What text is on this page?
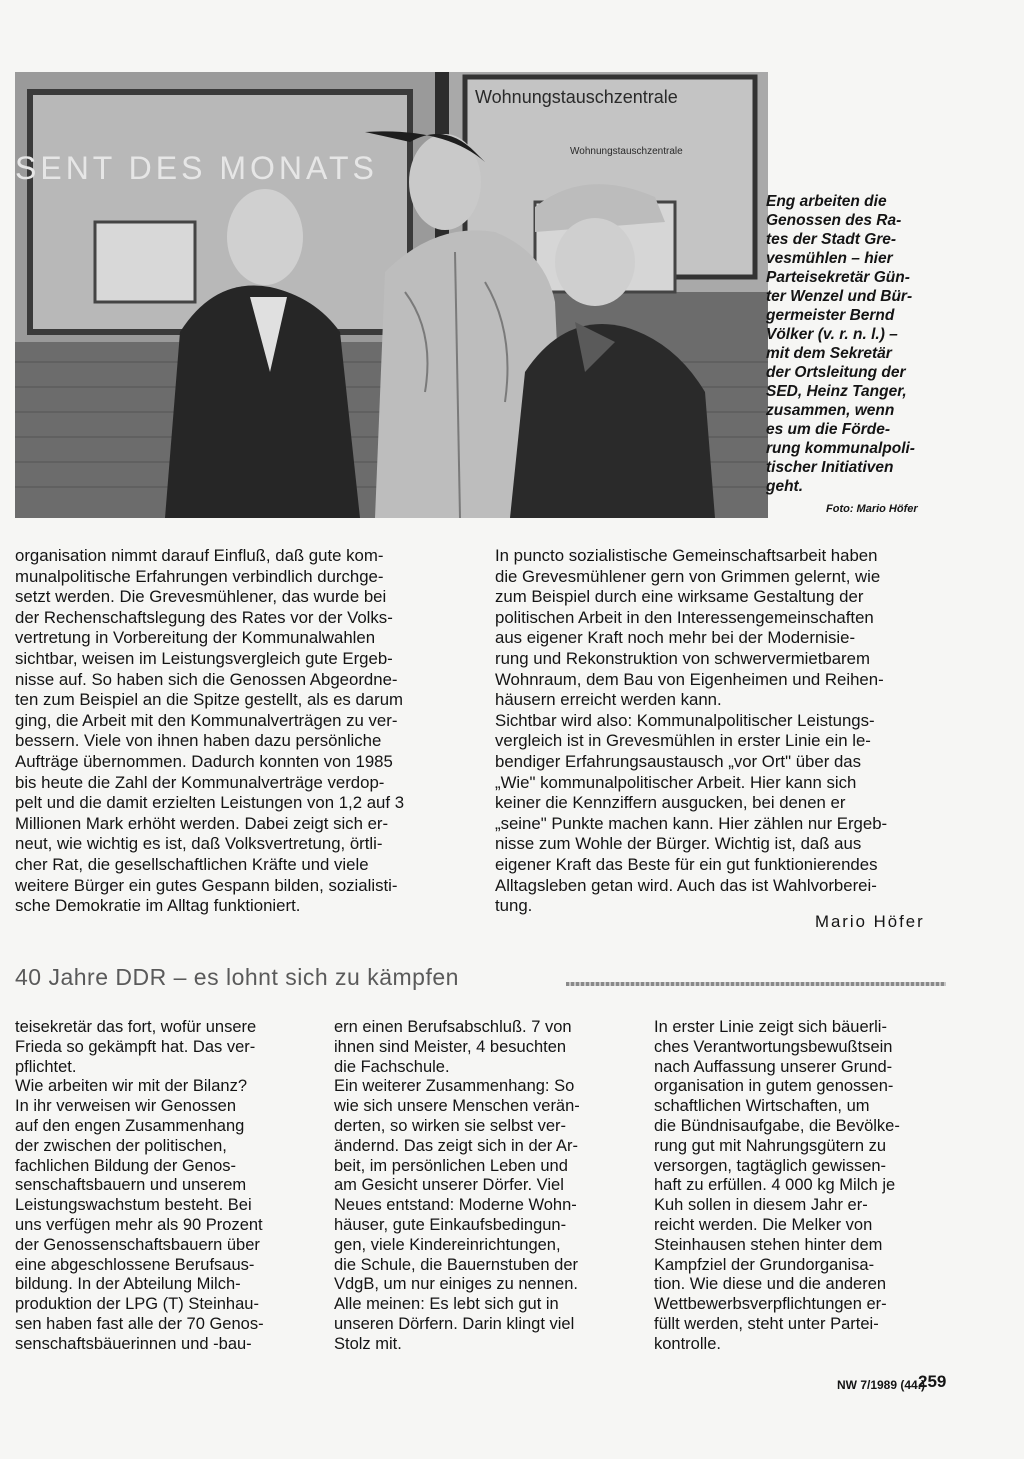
Wohnungstauschzentrale
Wohnungstauschzentrale
SENT DES MONATS
Eng arbeiten die
Genossen des Ra-
tes der Stadt Gre-
vesmühlen – hier
Parteisekretär Gün-
ter Wenzel und Bür-
germeister Bernd
Völker (v. r. n. l.) –
mit dem Sekretär
der Ortsleitung der
SED, Heinz Tanger,
zusammen, wenn
es um die Förde-
rung kommunalpoli-
tischer Initiativen
geht.
Foto: Mario Höfer
organisation nimmt darauf Einfluß, daß gute kom-
munalpolitische Erfahrungen verbindlich durchge-
setzt werden. Die Grevesmühlener, das wurde bei
der Rechenschaftslegung des Rates vor der Volks-
vertretung in Vorbereitung der Kommunalwahlen
sichtbar, weisen im Leistungsvergleich gute Ergeb-
nisse auf. So haben sich die Genossen Abgeordne-
ten zum Beispiel an die Spitze gestellt, als es darum
ging, die Arbeit mit den Kommunalverträgen zu ver-
bessern. Viele von ihnen haben dazu persönliche
Aufträge übernommen. Dadurch konnten von 1985
bis heute die Zahl der Kommunalverträge verdop-
pelt und die damit erzielten Leistungen von 1,2 auf 3
Millionen Mark erhöht werden. Dabei zeigt sich er-
neut, wie wichtig es ist, daß Volksvertretung, örtli-
cher Rat, die gesellschaftlichen Kräfte und viele
weitere Bürger ein gutes Gespann bilden, sozialisti-
sche Demokratie im Alltag funktioniert.
In puncto sozialistische Gemeinschaftsarbeit haben
die Grevesmühlener gern von Grimmen gelernt, wie
zum Beispiel durch eine wirksame Gestaltung der
politischen Arbeit in den Interessengemeinschaften
aus eigener Kraft noch mehr bei der Modernisie-
rung und Rekonstruktion von schwervermietbarem
Wohnraum, dem Bau von Eigenheimen und Reihen-
häusern erreicht werden kann.
Sichtbar wird also: Kommunalpolitischer Leistungs-
vergleich ist in Grevesmühlen in erster Linie ein le-
bendiger Erfahrungsaustausch „vor Ort" über das
„Wie" kommunalpolitischer Arbeit. Hier kann sich
keiner die Kennziffern ausgucken, bei denen er
„seine" Punkte machen kann. Hier zählen nur Ergeb-
nisse zum Wohle der Bürger. Wichtig ist, daß aus
eigener Kraft das Beste für ein gut funktionierendes
Alltagsleben getan wird. Auch das ist Wahlvorberei-
tung.
Mario Höfer
40 Jahre DDR – es lohnt sich zu kämpfen
teisekretär das fort, wofür unsere
Frieda so gekämpft hat. Das ver-
pflichtet.
Wie arbeiten wir mit der Bilanz?
In ihr verweisen wir Genossen
auf den engen Zusammenhang
der zwischen der politischen,
fachlichen Bildung der Genos-
senschaftsbauern und unserem
Leistungswachstum besteht. Bei
uns verfügen mehr als 90 Prozent
der Genossenschaftsbauern über
eine abgeschlossene Berufsaus-
bildung. In der Abteilung Milch-
produktion der LPG (T) Steinhau-
sen haben fast alle der 70 Genos-
senschaftsbäuerinnen und -bau-
ern einen Berufsabschluß. 7 von
ihnen sind Meister, 4 besuchten
die Fachschule.
Ein weiterer Zusammenhang: So
wie sich unsere Menschen verän-
derten, so wirken sie selbst ver-
ändernd. Das zeigt sich in der Ar-
beit, im persönlichen Leben und
am Gesicht unserer Dörfer. Viel
Neues entstand: Moderne Wohn-
häuser, gute Einkaufsbedingun-
gen, viele Kindereinrichtungen,
die Schule, die Bauernstuben der
VdgB, um nur einiges zu nennen.
Alle meinen: Es lebt sich gut in
unseren Dörfern. Darin klingt viel
Stolz mit.
In erster Linie zeigt sich bäuerli-
ches Verantwortungsbewußtsein
nach Auffassung unserer Grund-
organisation in gutem genossen-
schaftlichen Wirtschaften, um
die Bündnisaufgabe, die Bevölke-
rung gut mit Nahrungsgütern zu
versorgen, tagtäglich gewissen-
haft zu erfüllen. 4 000 kg Milch je
Kuh sollen in diesem Jahr er-
reicht werden. Die Melker von
Steinhausen stehen hinter dem
Kampfziel der Grundorganisa-
tion. Wie diese und die anderen
Wettbewerbsverpflichtungen er-
füllt werden, steht unter Partei-
kontrolle.
NW 7/1989 (44.)
259
